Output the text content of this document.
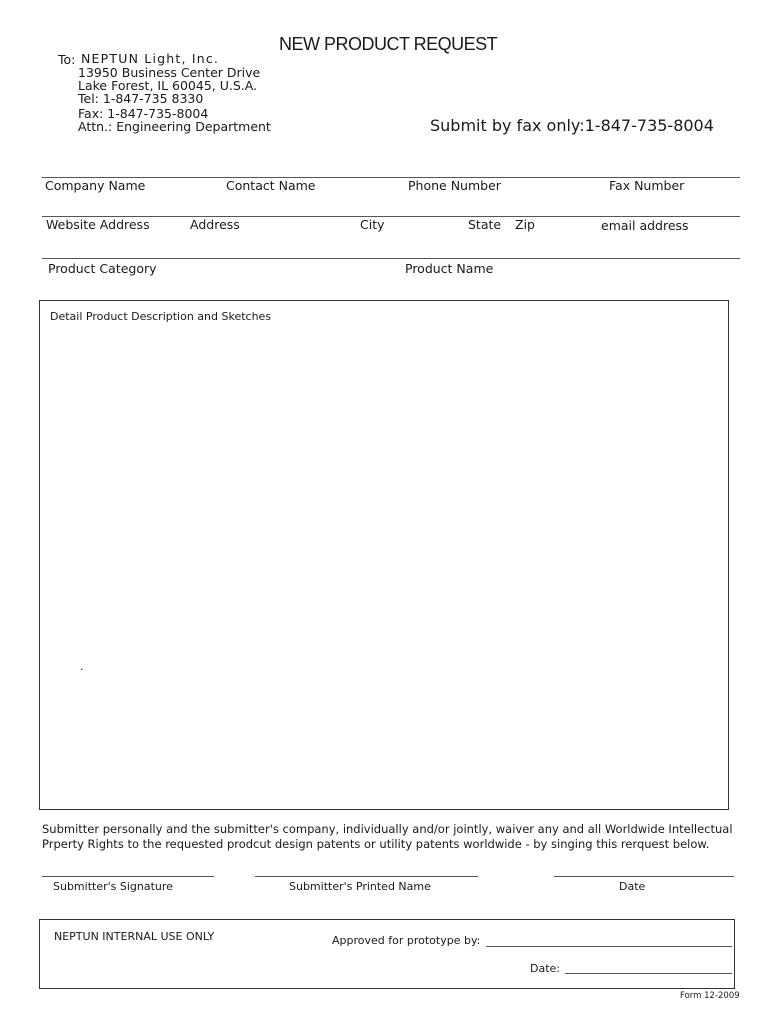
NEW PRODUCT REQUEST
To: NEPTUN Light, Inc.
13950 Business Center Drive
Lake Forest, IL 60045, U.S.A.
Tel: 1-847-735 8330
Fax: 1-847-735-8004
Attn.: Engineering Department	Submit by fax only:1-847-735-8004
Company Name	Contact Name	Phone Number	Fax Number
Website Address	Address	City	State Zip	email address
Product Category	Product Name
Detail Product Description and Sketches
.
Submitter personally and the submitter's company, individually and/or jointly, waiver any and all Worldwide Intellectual
Prperty Rights to the requested prodcut design patents or utility patents worldwide - by singing this rerquest below.
Submitter's Signature	Submitter's Printed Name	Date
NEPTUN INTERNAL USE ONLY	Approved for prototype by:
Date:
Form 12-2009
